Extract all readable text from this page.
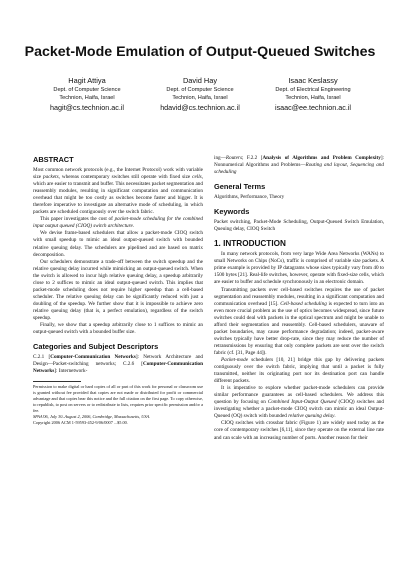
Packet-Mode Emulation of Output-Queued Switches
Hagit Attiya
Dept. of Computer Science
Technion, Haifa, Israel
hagit@cs.technion.ac.il
David Hay
Dept. of Computer Science
Technion, Haifa, Israel
hdavid@cs.technion.ac.il
Isaac Keslassy
Dept. of Electrical Engineering
Technion, Haifa, Israel
isaac@ee.technion.ac.il
ABSTRACT

Most common network protocols (e.g., the Internet Protocol) work with variable size packets, whereas contemporary switches still operate with fixed size cells, which are easier to transmit and buffer. This necessitates packet segmentation and reassembly modules, resulting in significant computation and communication overhead that might be too costly as switches become faster and bigger. It is therefore imperative to investigate an alternative mode of scheduling, in which packets are scheduled contiguously over the switch fabric.

This paper investigates the cost of packet-mode scheduling for the combined input output queued (CIOQ) switch architecture.

We devise frame-based schedulers that allow a packet-mode CIOQ switch with small speedup to mimic an ideal output-queued switch with bounded relative queuing delay. The schedulers are pipelined and are based on matrix decomposition.

Our schedulers demonstrate a trade-off between the switch speedup and the relative queuing delay incurred while mimicking an output-queued switch. When the switch is allowed to incur high relative queuing delay, a speedup arbitrarily close to 2 suffices to mimic an ideal output-queued switch. This implies that packet-mode scheduling does not require higher speedup than a cell-based scheduler. The relative queuing delay can be significantly reduced with just a doubling of the speedup. We further show that it is impossible to achieve zero relative queuing delay (that is, a perfect emulation), regardless of the switch speedup.

Finally, we show that a speedup arbitrarily close to 1 suffices to mimic an output-queued switch with a bounded buffer size.

Categories and Subject Descriptors

C.2.1 [Computer-Communication Networks]: Network Architecture and Design—Packet-switching networks; C.2.6 [Computer-Communication Networks]: Internetwork-

Permission to make digital or hard copies of all or part of this work for personal or classroom use is granted without fee provided that copies are not made or distributed for profit or commercial advantage and that copies bear this notice and the full citation on the first page. To copy otherwise, to republish, to post on servers or to redistribute to lists, requires prior specific permission and/or a fee.
SPAA'06, July 30–August 2, 2006, Cambridge, Massachusetts, USA.
Copyright 2006 ACM 1-59593-452-9/06/0007 ...$5.00.

ing—Routers; F.2.2 [Analysis of Algorithms and Problem Complexity]: Nonnumerical Algorithms and Problems—Routing and layout, Sequencing and scheduling

General Terms

Algorithms, Performance, Theory

Keywords

Packet switching, Packet-Mode Scheduling, Output-Queued Switch Emulation, Queuing delay, CIOQ Switch

1. INTRODUCTION

In many network protocols, from very large Wide Area Networks (WANs) to small Networks on Chips (NoCs), traffic is comprised of variable size packets. A prime example is provided by IP datagrams whose sizes typically vary from 40 to 1500 bytes [21]. Real-life switches, however, operate with fixed-size cells, which are easier to buffer and schedule synchronously in an electronic domain.

Transmitting packets over cell-based switches requires the use of packet segmentation and reassembly modules, resulting in a significant computation and communication overhead [15]. Cell-based scheduling is expected to turn into an even more crucial problem as the use of optics becomes widespread, since future switches could deal with packets in the optical spectrum and might be unable to afford their segmentation and reassembly. Cell-based schedulers, unaware of packet boundaries, may cause performance degradation; indeed, packet-aware switches typically have better drop-rate, since they may reduce the number of retransmissions by ensuring that only complete packets are sent over the switch fabric (cf. [31, Page 44]).

Packet-mode schedulers [10, 21] bridge this gap by delivering packets contiguously over the switch fabric, implying that until a packet is fully transmitted, neither its originating port nor its destination port can handle different packets.

It is imperative to explore whether packet-mode schedulers can provide similar performance guarantees as cell-based schedulers. We address this question by focusing on Combined Input-Output Queued (CIOQ) switches and investigating whether a packet-mode CIOQ switch can mimic an ideal Output-Queued (OQ) switch with bounded relative queuing delay.

CIOQ switches with crossbar fabric (Figure 1) are widely used today as the core of contemporary switches [6,11], since they operate on the external line rate and can scale with an increasing number of ports. Another reason for their
